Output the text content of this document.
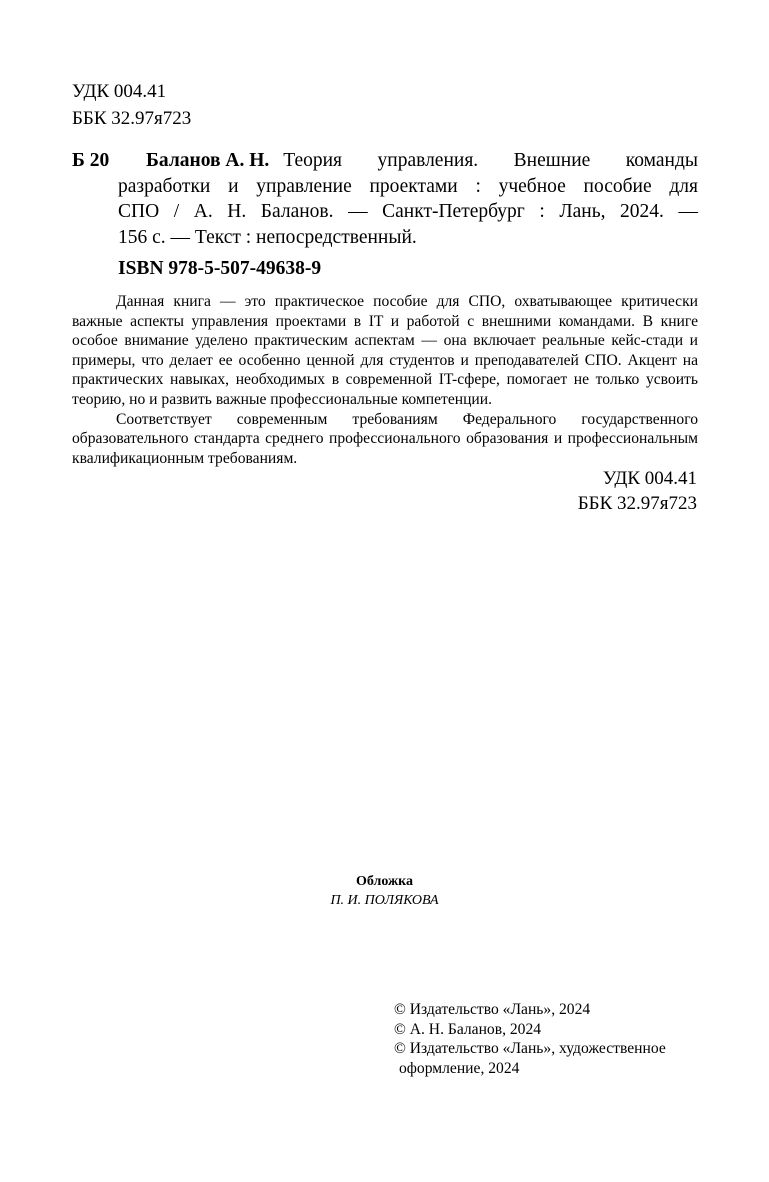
УДК 004.41
ББК 32.97я723
Б 20 Баланов А. Н. Теория управления. Внешние команды
разработки и управление проектами : учебное пособие для
СПО / А. Н. Баланов. — Санкт-Петербург : Лань, 2024. —
156 с. — Текст : непосредственный.
ISBN 978-5-507-49638-9

Данная книга — это практическое пособие для СПО, охватывающее критически важные аспекты управления проектами в IT и работой с внешними командами. В книге особое внимание уделено практическим аспектам — она включает реальные кейс-стади и примеры, что делает ее особенно ценной для студентов и преподавателей СПО. Акцент на практических навыках, необходимых в современной IT-сфере, помогает не только усвоить теорию, но и развить важные профессиональные компетенции.

Соответствует современным требованиям Федерального государственного образовательного стандарта среднего профессионального образования и профессиональным квалификационным требованиям.

УДК 004.41
ББК 32.97я723
Обложка
П. И. ПОЛЯКОВА
© Издательство «Лань», 2024
© А. Н. Баланов, 2024
© Издательство «Лань», художественное
оформление, 2024
